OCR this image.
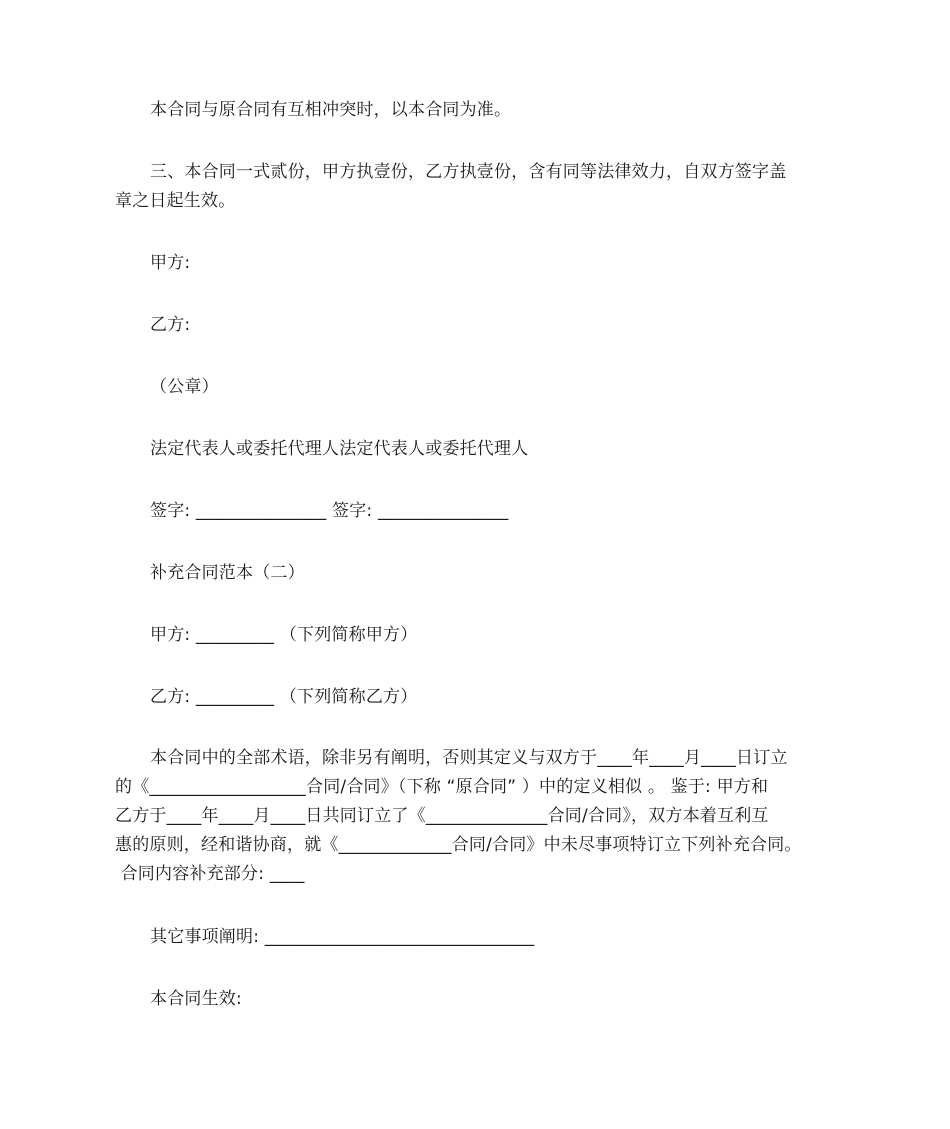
本合同与原合同有互相冲突时，以本合同为准。
三、本合同一式贰份，甲方执壹份，乙方执壹份，含有同等法律效力，自双方签字盖
章之日起生效。
甲方:
乙方:
（公章）
法定代表人或委托代理人法定代表人或委托代理人
签字: _______________ 签字: _______________
补充合同范本（二）
甲方: _________ （下列简称甲方）
乙方: _________ （下列简称乙方）
本合同中的全部术语，除非另有阐明，否则其定义与双方于____年____月____日订立
的《__________________合同/合同》（下称 “原合同” ）中的定义相似 。 鉴于: 甲方和
乙方于____年____月____日共同订立了《______________合同/合同》，双方本着互利互
惠的原则，经和谐协商，就《_____________合同/合同》中未尽事项特订立下列补充合同。
合同内容补充部分: ____
其它事项阐明: _______________________________
本合同生效:
